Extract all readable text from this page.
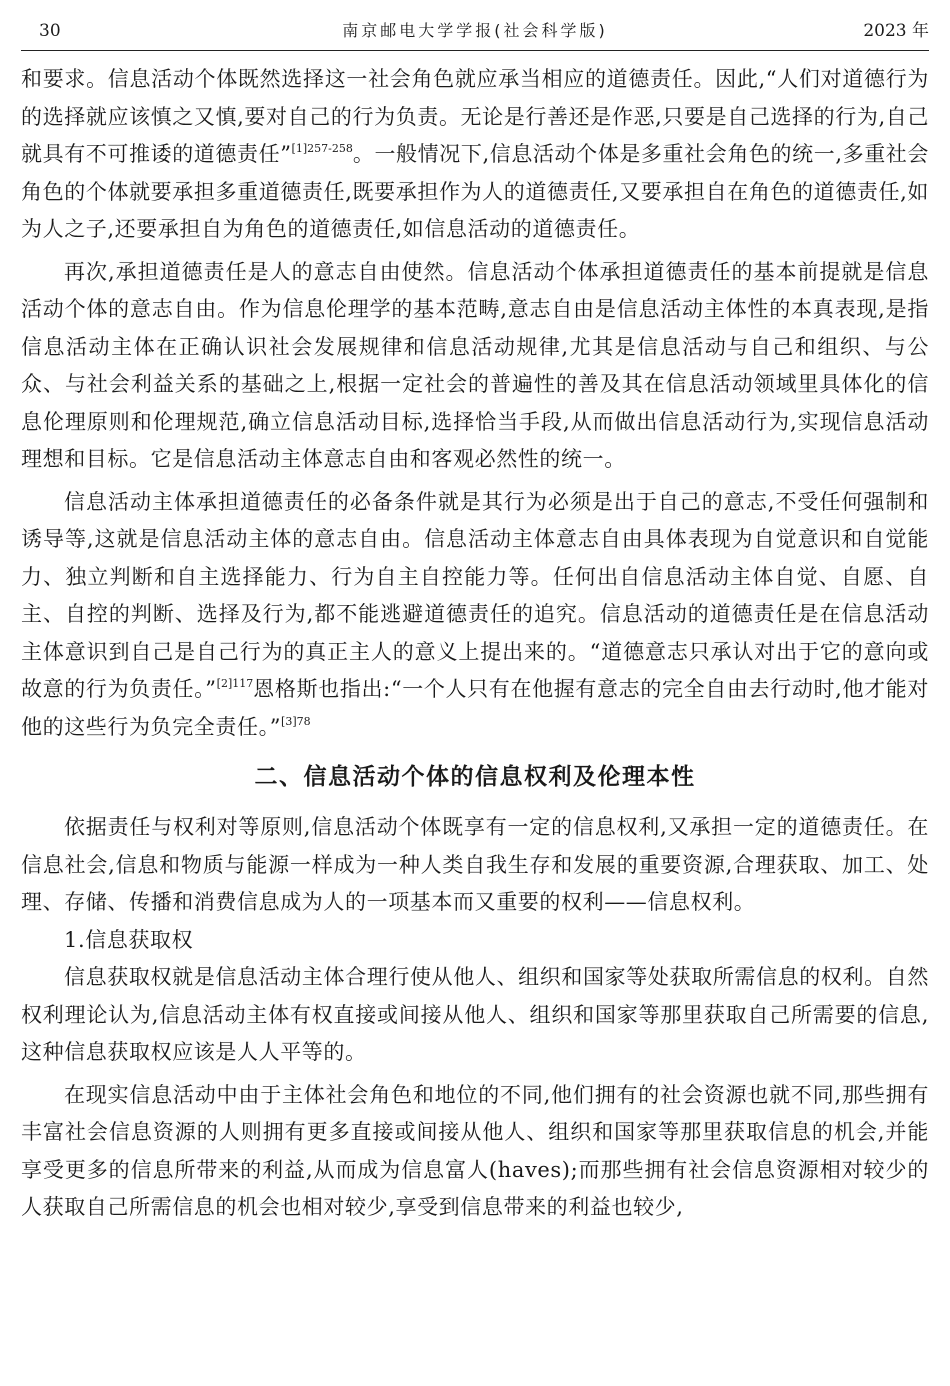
30	南京邮电大学学报(社会科学版)	2023 年

和要求。信息活动个体既然选择这一社会角色就应承当相应的道德责任。因此,“人们对道德行为的选择就应该慎之又慎,要对自己的行为负责。无论是行善还是作恶,只要是自己选择的行为,自己就具有不可推诿的道德责任”$^{[1]257-258}$。一般情况下,信息活动个体是多重社会角色的统一,多重社会角色的个体就要承担多重道德责任,既要承担作为人的道德责任,又要承担自在角色的道德责任,如为人之子,还要承担自为角色的道德责任,如信息活动的道德责任。

再次,承担道德责任是人的意志自由使然。信息活动个体承担道德责任的基本前提就是信息活动个体的意志自由。作为信息伦理学的基本范畴,意志自由是信息活动主体性的本真表现,是指信息活动主体在正确认识社会发展规律和信息活动规律,尤其是信息活动与自己和组织、与公众、与社会利益关系的基础之上,根据一定社会的普遍性的善及其在信息活动领域里具体化的信息伦理原则和伦理规范,确立信息活动目标,选择恰当手段,从而做出信息活动行为,实现信息活动理想和目标。它是信息活动主体意志自由和客观必然性的统一。

信息活动主体承担道德责任的必备条件就是其行为必须是出于自己的意志,不受任何强制和诱导等,这就是信息活动主体的意志自由。信息活动主体意志自由具体表现为自觉意识和自觉能力、独立判断和自主选择能力、行为自主自控能力等。任何出自信息活动主体自觉、自愿、自主、自控的判断、选择及行为,都不能逃避道德责任的追究。信息活动的道德责任是在信息活动主体意识到自己是自己行为的真正主人的意义上提出来的。“道德意志只承认对出于它的意向或故意的行为负责任。”$^{[2]117}$恩格斯也指出:“一个人只有在他握有意志的完全自由去行动时,他才能对他的这些行为负完全责任。”$^{[3]78}$

二、信息活动个体的信息权利及伦理本性

依据责任与权利对等原则,信息活动个体既享有一定的信息权利,又承担一定的道德责任。在信息社会,信息和物质与能源一样成为一种人类自我生存和发展的重要资源,合理获取、加工、处理、存储、传播和消费信息成为人的一项基本而又重要的权利——信息权利。

1.信息获取权

信息获取权就是信息活动主体合理行使从他人、组织和国家等处获取所需信息的权利。自然权利理论认为,信息活动主体有权直接或间接从他人、组织和国家等那里获取自己所需要的信息,这种信息获取权应该是人人平等的。

在现实信息活动中由于主体社会角色和地位的不同,他们拥有的社会资源也就不同,那些拥有丰富社会信息资源的人则拥有更多直接或间接从他人、组织和国家等那里获取信息的机会,并能享受更多的信息所带来的利益,从而成为信息富人(haves);而那些拥有社会信息资源相对较少的人获取自己所需信息的机会也相对较少,享受到信息带来的利益也较少,
